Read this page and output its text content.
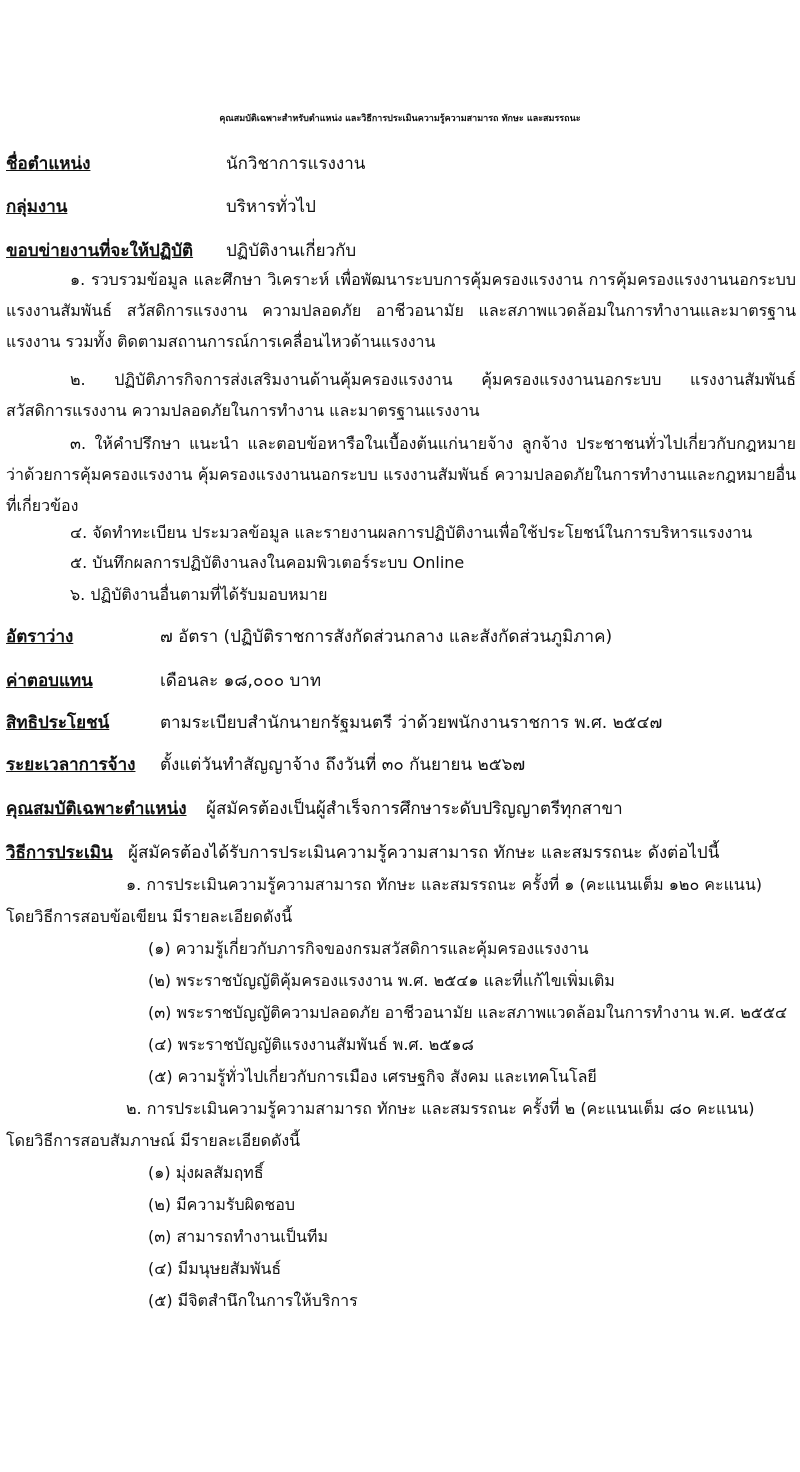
คุณสมบัติเฉพาะสำหรับตำแหน่ง และวิธีการประเมินความรู้ความสามารถ ทักษะ และสมรรถนะ
ชื่อตำแหน่ง	นักวิชาการแรงงาน
กลุ่มงาน	บริหารทั่วไป
ขอบข่ายงานที่จะให้ปฏิบัติ ปฏิบัติงานเกี่ยวกับ
๑. รวบรวมข้อมูล และศึกษา วิเคราะห์ เพื่อพัฒนาระบบการคุ้มครองแรงงาน การคุ้มครองแรงงานนอกระบบ แรงงานสัมพันธ์ สวัสดิการแรงงาน ความปลอดภัย อาชีวอนามัย และสภาพแวดล้อมในการทำงานและมาตรฐานแรงงาน รวมทั้ง ติดตามสถานการณ์การเคลื่อนไหวด้านแรงงาน
๒. ปฏิบัติภารกิจการส่งเสริมงานด้านคุ้มครองแรงงาน คุ้มครองแรงงานนอกระบบ แรงงานสัมพันธ์ สวัสดิการแรงงาน ความปลอดภัยในการทำงาน และมาตรฐานแรงงาน
๓. ให้คำปรึกษา แนะนำ และตอบข้อหารือในเบื้องต้นแก่นายจ้าง ลูกจ้าง ประชาชนทั่วไปเกี่ยวกับกฎหมายว่าด้วยการคุ้มครองแรงงาน คุ้มครองแรงงานนอกระบบ แรงงานสัมพันธ์ ความปลอดภัยในการทำงานและกฎหมายอื่นที่เกี่ยวข้อง
๔. จัดทำทะเบียน ประมวลข้อมูล และรายงานผลการปฏิบัติงานเพื่อใช้ประโยชน์ในการบริหารแรงงาน
๕. บันทึกผลการปฏิบัติงานลงในคอมพิวเตอร์ระบบ Online
๖. ปฏิบัติงานอื่นตามที่ได้รับมอบหมาย
อัตราว่าง	๗ อัตรา (ปฏิบัติราชการสังกัดส่วนกลาง และสังกัดส่วนภูมิภาค)
ค่าตอบแทน	เดือนละ ๑๘,๐๐๐ บาท
สิทธิประโยชน์	ตามระเบียบสำนักนายกรัฐมนตรี ว่าด้วยพนักงานราชการ พ.ศ. ๒๕๔๗
ระยะเวลาการจ้าง ตั้งแต่วันทำสัญญาจ้าง ถึงวันที่ ๓๐ กันยายน ๒๕๖๗
คุณสมบัติเฉพาะตำแหน่ง ผู้สมัครต้องเป็นผู้สำเร็จการศึกษาระดับปริญญาตรีทุกสาขา
วิธีการประเมิน ผู้สมัครต้องได้รับการประเมินความรู้ความสามารถ ทักษะ และสมรรถนะ ดังต่อไปนี้
๑. การประเมินความรู้ความสามารถ ทักษะ และสมรรถนะ ครั้งที่ ๑ (คะแนนเต็ม ๑๒๐ คะแนน)
โดยวิธีการสอบข้อเขียน มีรายละเอียดดังนี้
(๑) ความรู้เกี่ยวกับภารกิจของกรมสวัสดิการและคุ้มครองแรงงาน
(๒) พระราชบัญญัติคุ้มครองแรงงาน พ.ศ. ๒๕๔๑ และที่แก้ไขเพิ่มเติม
(๓) พระราชบัญญัติความปลอดภัย อาชีวอนามัย และสภาพแวดล้อมในการทำงาน พ.ศ. ๒๕๕๔
(๔) พระราชบัญญัติแรงงานสัมพันธ์ พ.ศ. ๒๕๑๘
(๕) ความรู้ทั่วไปเกี่ยวกับการเมือง เศรษฐกิจ สังคม และเทคโนโลยี
๒. การประเมินความรู้ความสามารถ ทักษะ และสมรรถนะ ครั้งที่ ๒ (คะแนนเต็ม ๘๐ คะแนน)
โดยวิธีการสอบสัมภาษณ์ มีรายละเอียดดังนี้
(๑) มุ่งผลสัมฤทธิ์
(๒) มีความรับผิดชอบ
(๓) สามารถทำงานเป็นทีม
(๔) มีมนุษยสัมพันธ์
(๕) มีจิตสำนึกในการให้บริการ
